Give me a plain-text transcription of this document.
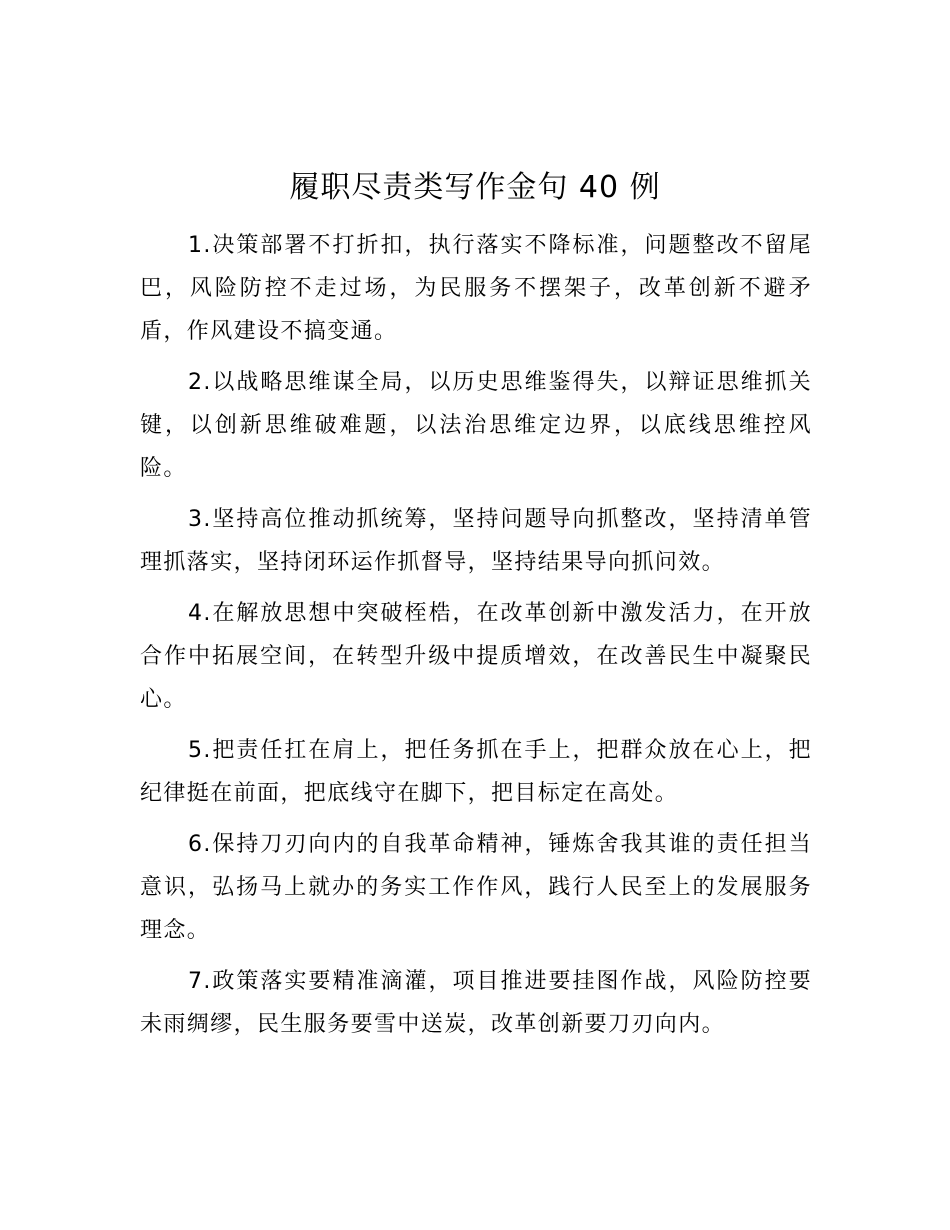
履职尽责类写作金句 40 例

1.决策部署不打折扣，执行落实不降标准，问题整改不留尾巴，风险防控不走过场，为民服务不摆架子，改革创新不避矛盾，作风建设不搞变通。

2.以战略思维谋全局，以历史思维鉴得失，以辩证思维抓关键，以创新思维破难题，以法治思维定边界，以底线思维控风险。

3.坚持高位推动抓统筹，坚持问题导向抓整改，坚持清单管理抓落实，坚持闭环运作抓督导，坚持结果导向抓问效。

4.在解放思想中突破桎梏，在改革创新中激发活力，在开放合作中拓展空间，在转型升级中提质增效，在改善民生中凝聚民心。

5.把责任扛在肩上，把任务抓在手上，把群众放在心上，把纪律挺在前面，把底线守在脚下，把目标定在高处。

6.保持刀刃向内的自我革命精神，锤炼舍我其谁的责任担当意识，弘扬马上就办的务实工作作风，践行人民至上的发展服务理念。

7.政策落实要精准滴灌，项目推进要挂图作战，风险防控要未雨绸缪，民生服务要雪中送炭，改革创新要刀刃向内。
